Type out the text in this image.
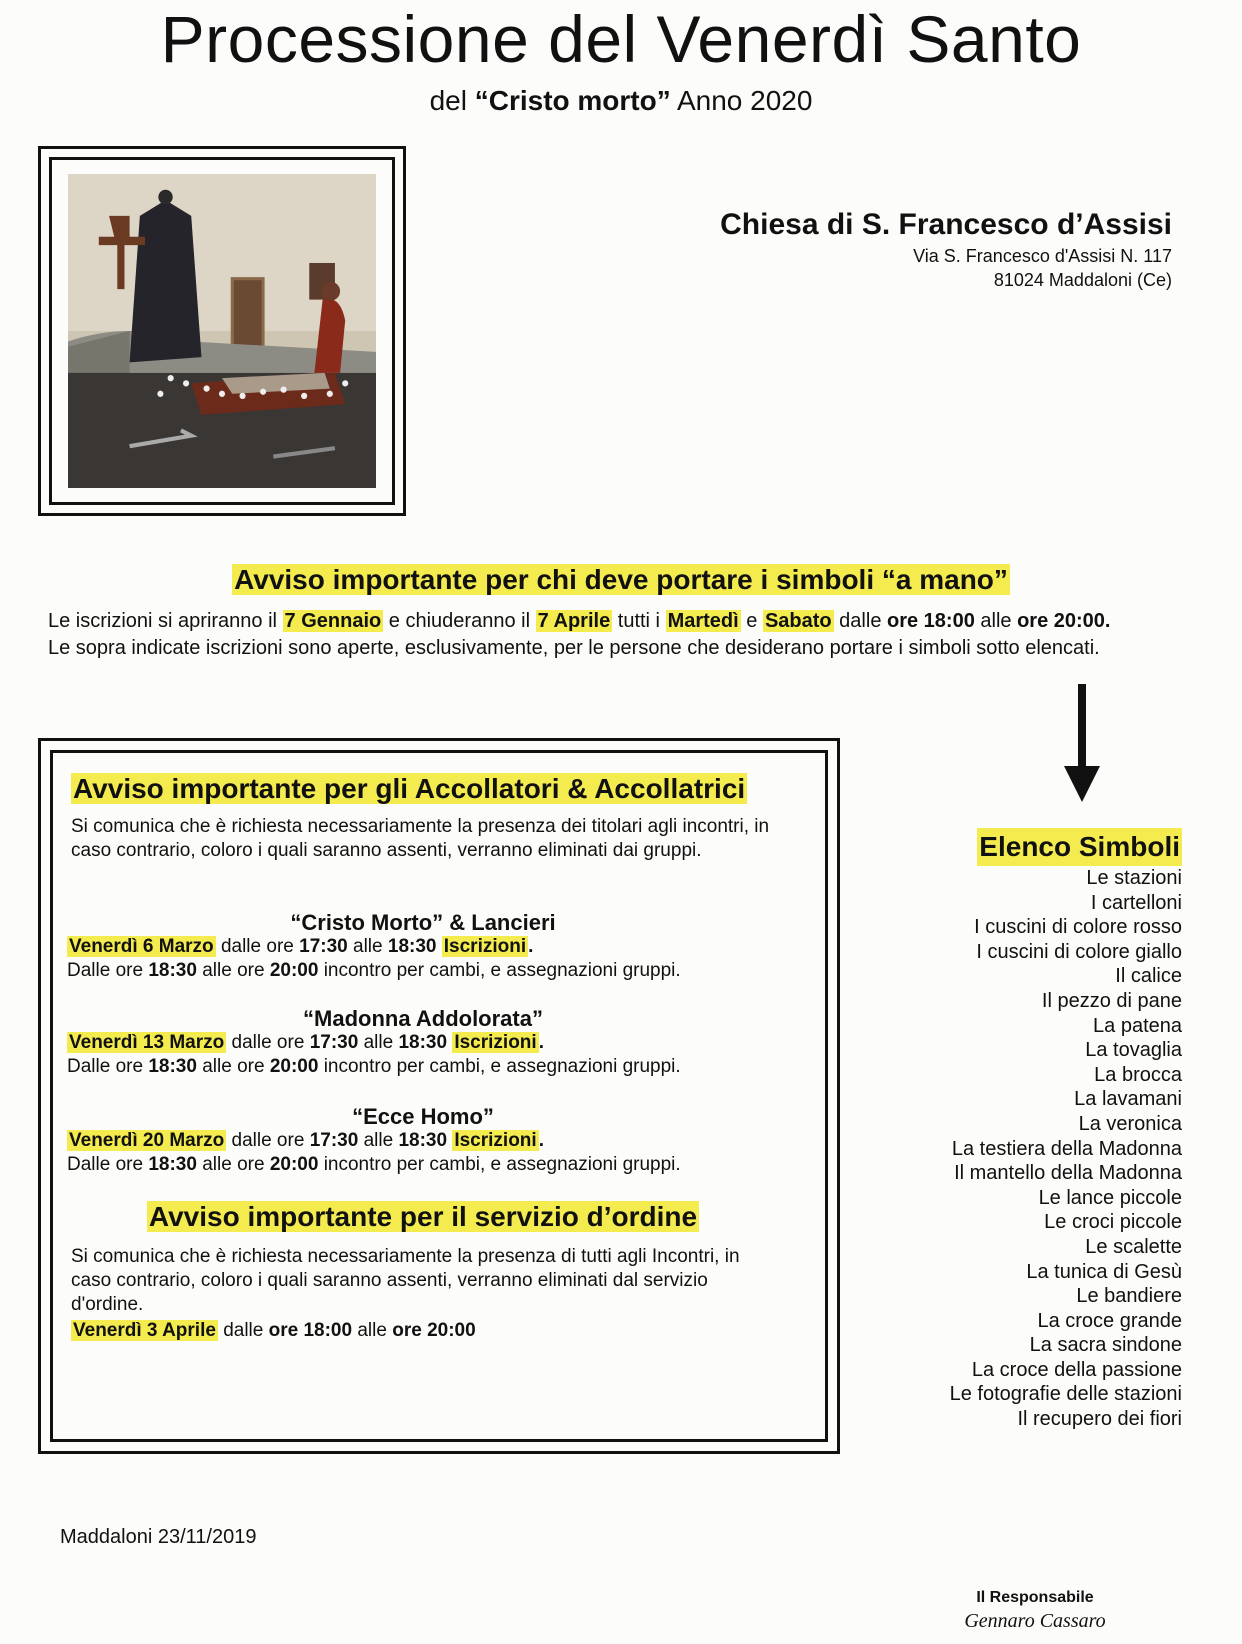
Processione del Venerdì Santo
del “Cristo morto” Anno 2020
Chiesa di S. Francesco d’Assisi
Via S. Francesco d'Assisi N. 117
81024 Maddaloni (Ce)
Avviso importante per chi deve portare i simboli “a mano”
Le iscrizioni si apriranno il 7 Gennaio e chiuderanno il 7 Aprile tutti i Martedì e Sabato dalle ore 18:00 alle ore 20:00.
Le sopra indicate iscrizioni sono aperte, esclusivamente, per le persone che desiderano portare i simboli sotto elencati.
Avviso importante per gli Accollatori & Accollatrici
Si comunica che è richiesta necessariamente la presenza dei titolari agli incontri, in caso contrario, coloro i quali saranno assenti, verranno eliminati dai gruppi.
“Cristo Morto” & Lancieri
Venerdì 6 Marzo dalle ore 17:30 alle 18:30 Iscrizioni .
Dalle ore 18:30 alle ore 20:00 incontro per cambi, e assegnazioni gruppi.
“Madonna Addolorata”
Venerdì 13 Marzo dalle ore 17:30 alle 18:30 Iscrizioni .
Dalle ore 18:30 alle ore 20:00 incontro per cambi, e assegnazioni gruppi.
“Ecce Homo”
Venerdì 20 Marzo dalle ore 17:30 alle 18:30 Iscrizioni .
Dalle ore 18:30 alle ore 20:00 incontro per cambi, e assegnazioni gruppi.
Avviso importante per il servizio d’ordine
Si comunica che è richiesta necessariamente la presenza di tutti agli Incontri, in caso contrario, coloro i quali saranno assenti, verranno eliminati dal servizio d'ordine.
Venerdì 3 Aprile dalle ore 18:00 alle ore 20:00
Elenco Simboli
Le stazioni
I cartelloni
I cuscini di colore rosso
I cuscini di colore giallo
Il calice
Il pezzo di pane
La patena
La tovaglia
La brocca
La lavamani
La veronica
La testiera della Madonna
Il mantello della Madonna
Le lance piccole
Le croci piccole
Le scalette
La tunica di Gesù
Le bandiere
La croce grande
La sacra sindone
La croce della passione
Le fotografie delle stazioni
Il recupero dei fiori
Maddaloni 23/11/2019
Il Responsabile
Gennaro Cassaro
